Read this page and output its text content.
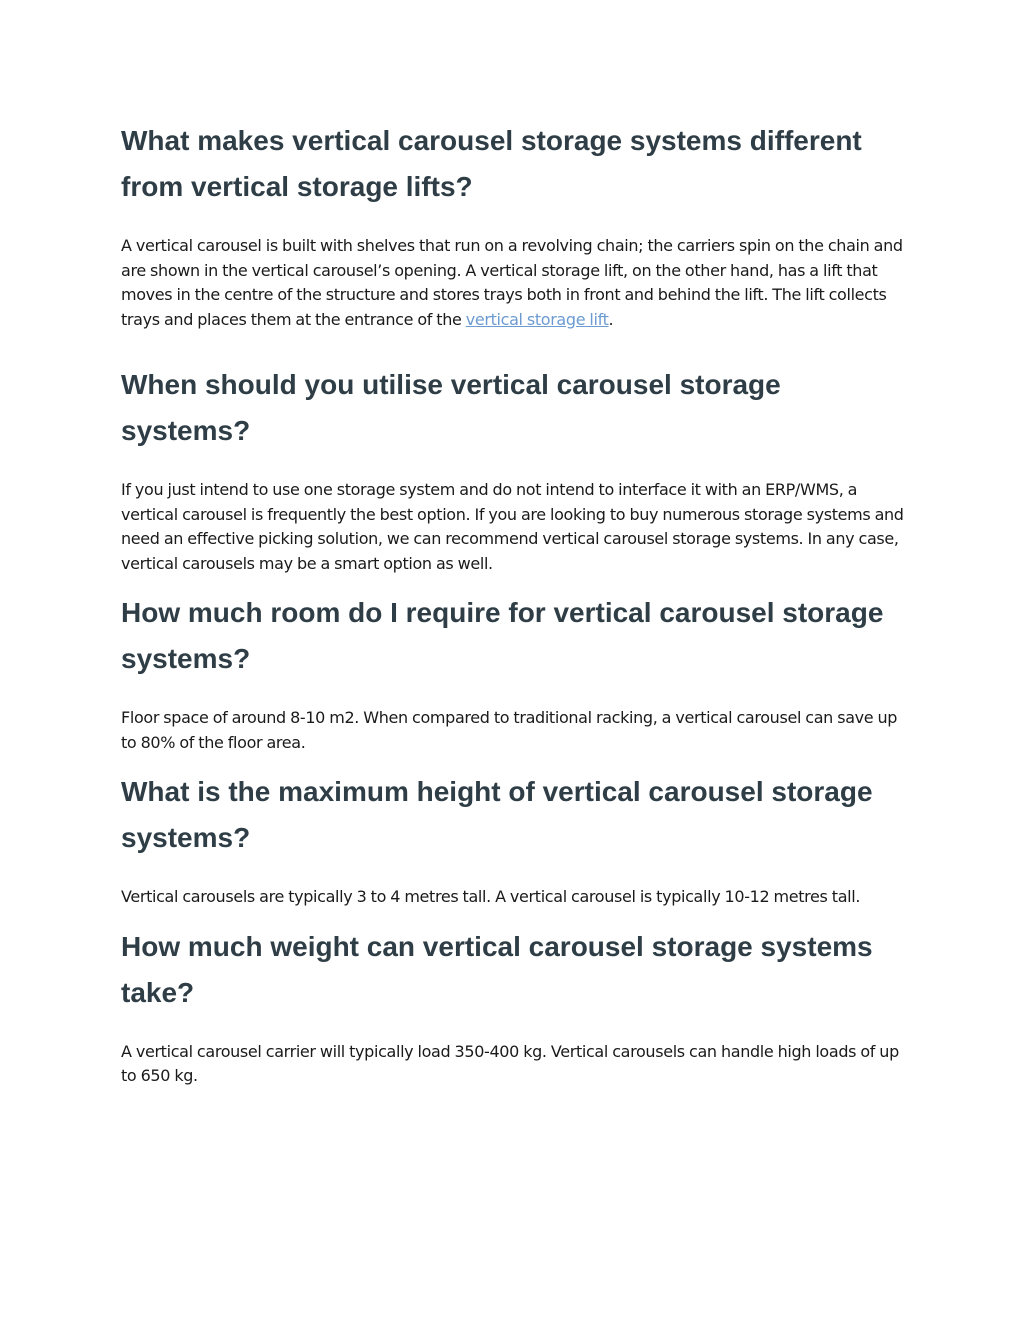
What makes vertical carousel storage systems different from vertical storage lifts?

A vertical carousel is built with shelves that run on a revolving chain; the carriers spin on the chain and are shown in the vertical carousel’s opening. A vertical storage lift, on the other hand, has a lift that moves in the centre of the structure and stores trays both in front and behind the lift. The lift collects trays and places them at the entrance of the vertical storage lift.

When should you utilise vertical carousel storage systems?

If you just intend to use one storage system and do not intend to interface it with an ERP/WMS, a vertical carousel is frequently the best option. If you are looking to buy numerous storage systems and need an effective picking solution, we can recommend vertical carousel storage systems. In any case, vertical carousels may be a smart option as well.

How much room do I require for vertical carousel storage systems?

Floor space of around 8-10 m2. When compared to traditional racking, a vertical carousel can save up to 80% of the floor area.

What is the maximum height of vertical carousel storage systems?

Vertical carousels are typically 3 to 4 metres tall. A vertical carousel is typically 10-12 metres tall.

How much weight can vertical carousel storage systems take?

A vertical carousel carrier will typically load 350-400 kg. Vertical carousels can handle high loads of up to 650 kg.
